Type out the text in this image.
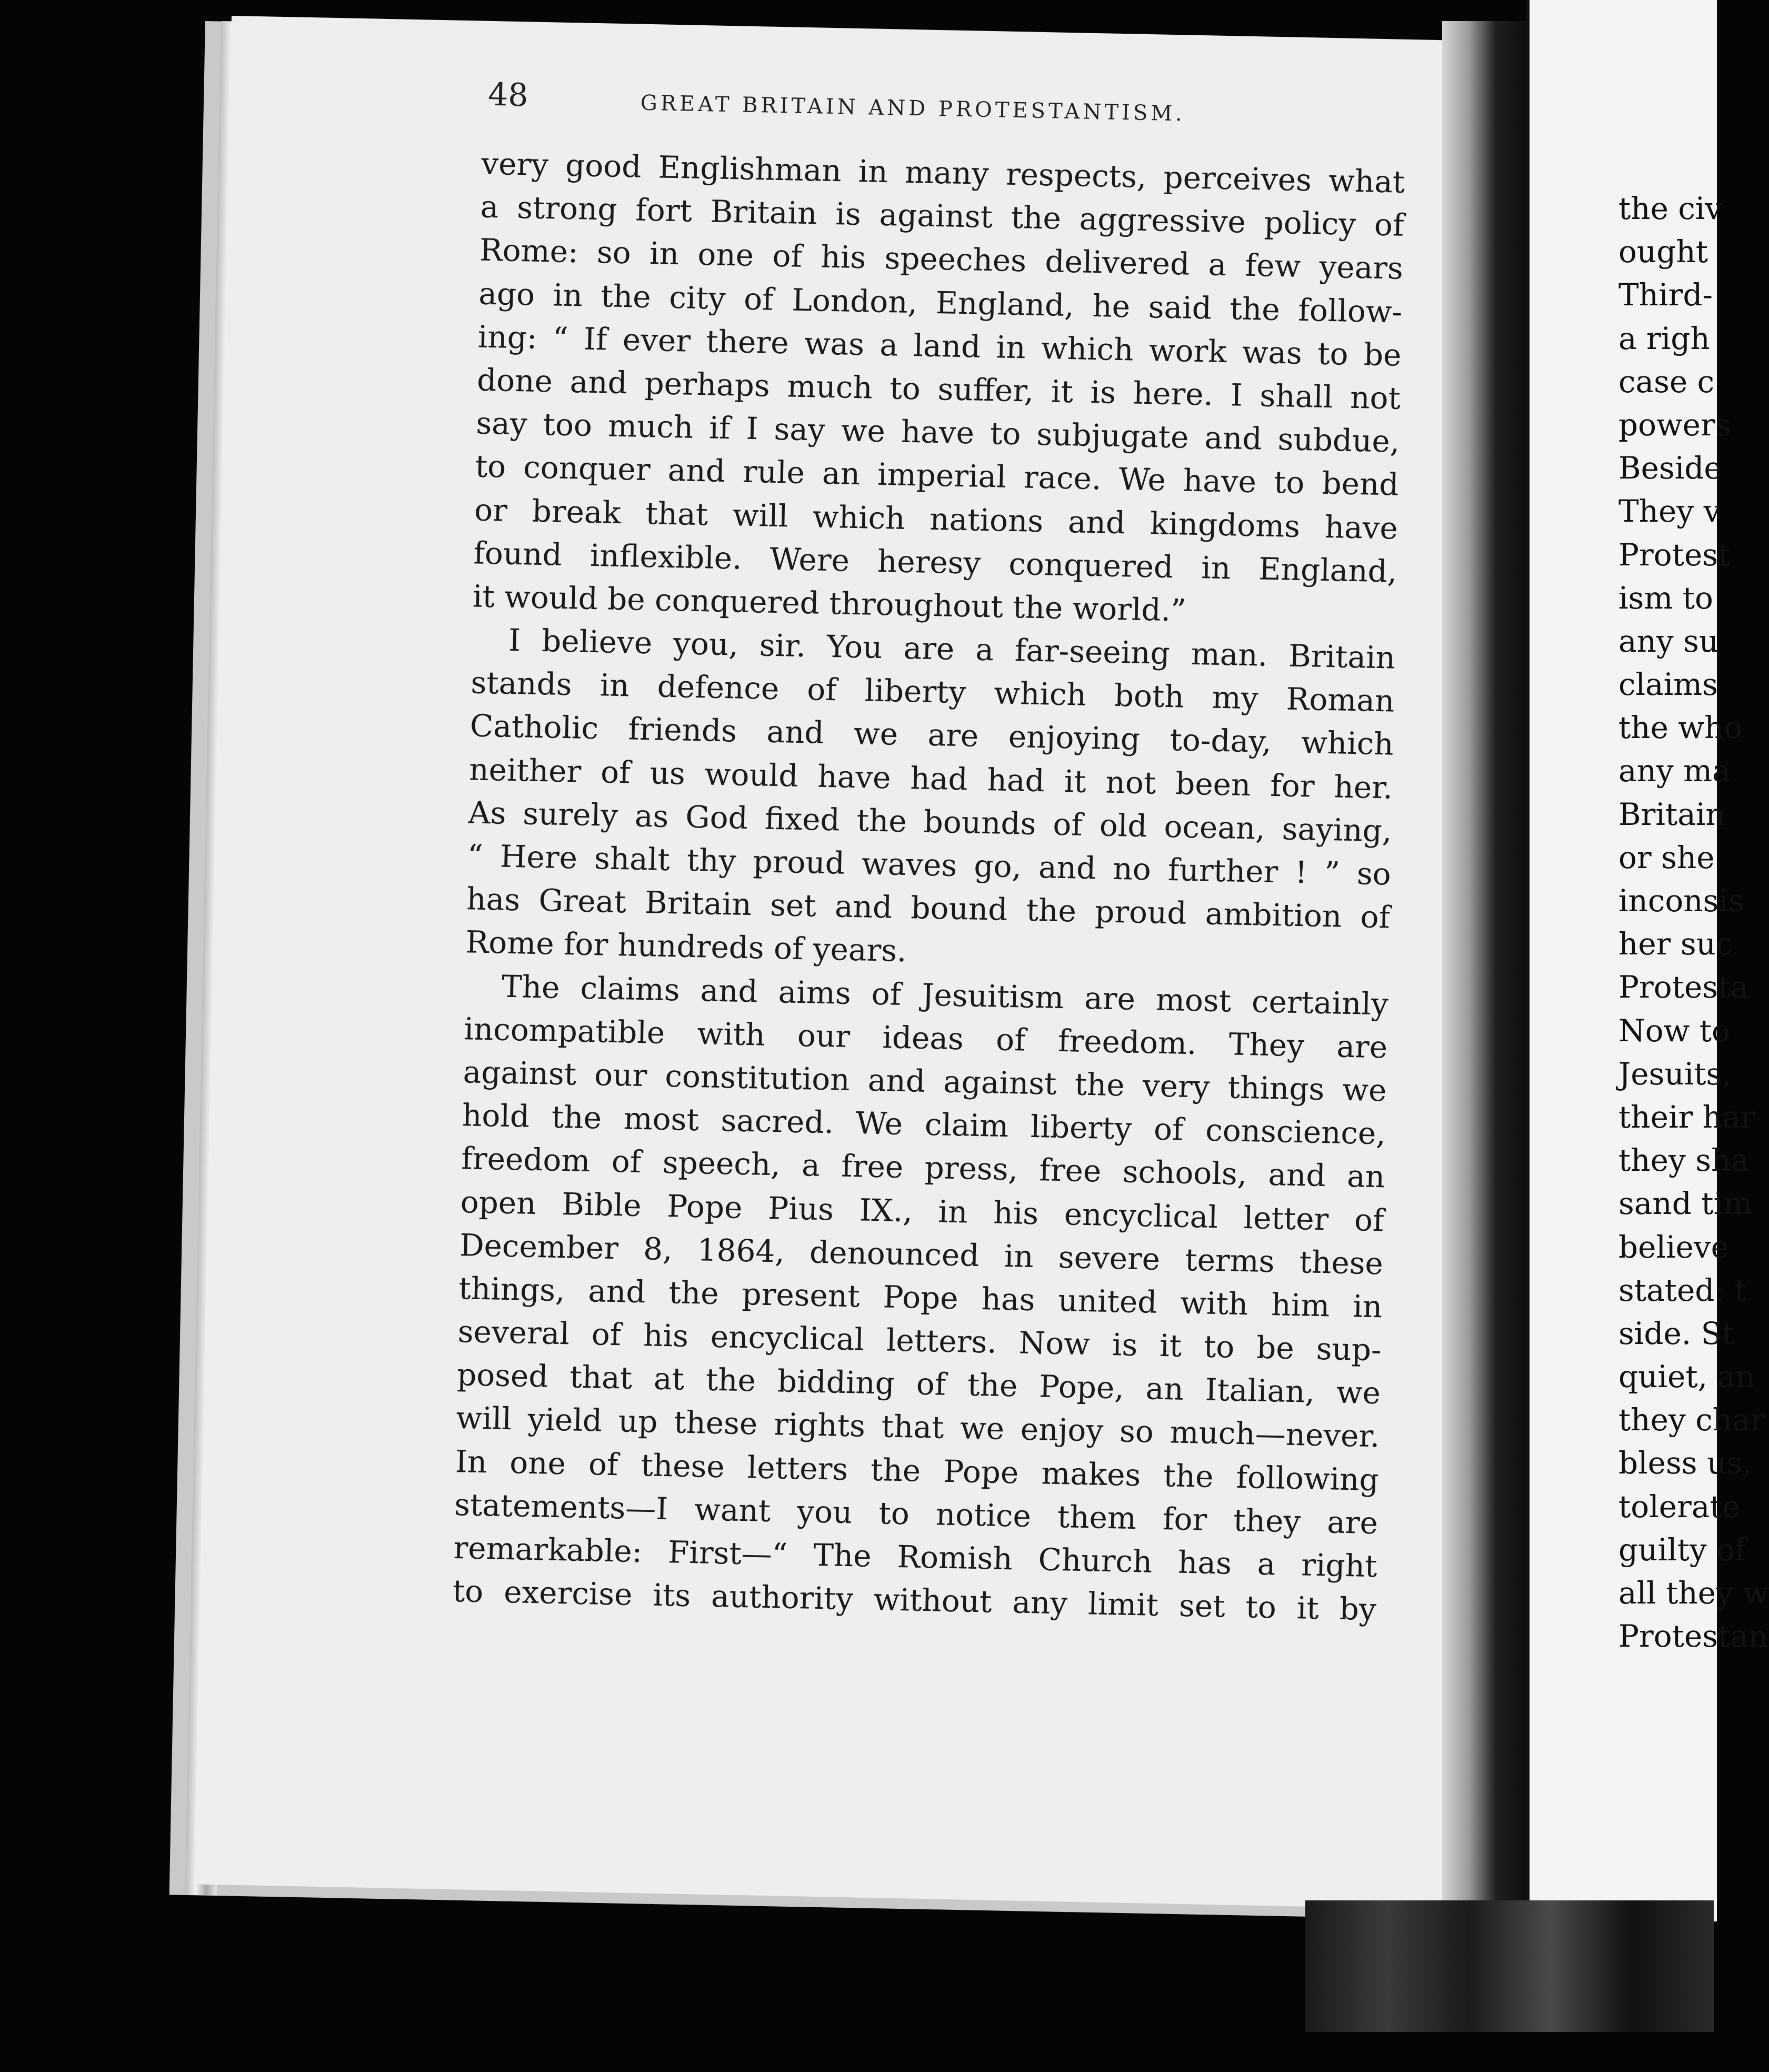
48	GREAT BRITAIN AND PROTESTANTISM.
very good Englishman in many respects, perceives what
a strong fort Britain is against the aggressive policy of
Rome: so in one of his speeches delivered a few years
ago in the city of London, England, he said the follow-
ing: “ If ever there was a land in which work was to be
done and perhaps much to suffer, it is here. I shall not
say too much if I say we have to subjugate and subdue,
to conquer and rule an imperial race. We have to bend
or break that will which nations and kingdoms have
found inflexible. Were heresy conquered in England,
it would be conquered throughout the world.”
I believe you, sir. You are a far-seeing man. Britain
stands in defence of liberty which both my Roman
Catholic friends and we are enjoying to-day, which
neither of us would have had had it not been for her.
As surely as God fixed the bounds of old ocean, saying,
“ Here shalt thy proud waves go, and no further ! ” so
has Great Britain set and bound the proud ambition of
Rome for hundreds of years.
The claims and aims of Jesuitism are most certainly
incompatible with our ideas of freedom. They are
against our constitution and against the very things we
hold the most sacred. We claim liberty of conscience,
freedom of speech, a free press, free schools, and an
open Bible Pope Pius IX., in his encyclical letter of
December 8, 1864, denounced in severe terms these
things, and the present Pope has united with him in
several of his encyclical letters. Now is it to be sup-
posed that at the bidding of the Pope, an Italian, we
will yield up these rights that we enjoy so much—never.
In one of these letters the Pope makes the following
statements—I want you to notice them for they are
remarkable: First—“ The Romish Church has a right
to exercise its authority without any limit set to it by
the civ
ought
Third-
a righ
case c
powers
Beside
They v
Protest
ism to
any su
claims
the who
any ma
Britain
or she
inconsis
her suc
Protesta
Now to
Jesuits,
their har
they sha
sand tim
believe
stated: t
side. St
quiet, an
they char
bless us,
tolerate
guilty of
all they w
Protestan
